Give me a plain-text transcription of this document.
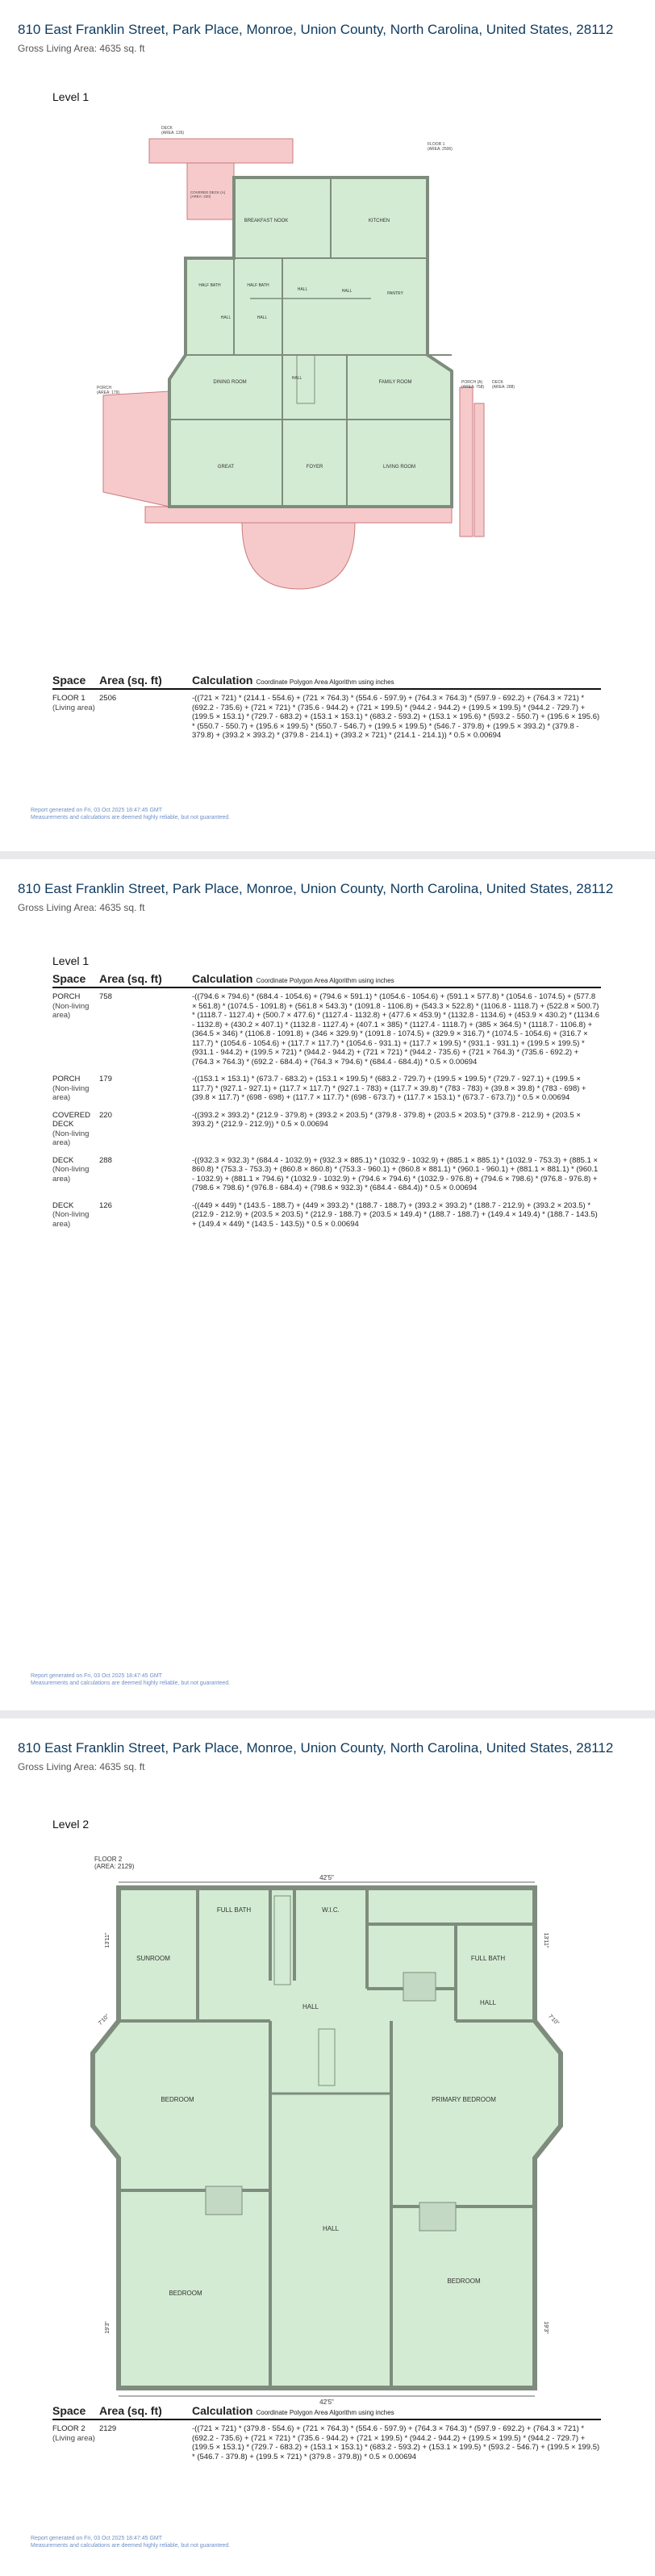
810 East Franklin Street, Park Place, Monroe, Union County, North Carolina, United States, 28112
Gross Living Area: 4635 sq. ft
Level 1
BREAKFAST NOOK	KITCHEN
HALF BATH	HALF BATH
HALL
HALL	HALL
HALL	PANTRY
DINING ROOM
HALL
FAMILY ROOM
GREAT	FOYER	LIVING ROOM
DECK (AREA: 126)
FLOOR 1 (AREA: 2506)
COVERED DECK (A) (AREA: 220)
PORCH (AREA: 179)
PORCH (A) (AREA: 758)
DECK (AREA: 288)
Space	Area (sq. ft)	Calculation Coordinate Polygon Area Algorithm using inches
FLOOR 1
(Living area)
2506	-((721 × 721) * (214.1 - 554.6) + (721 × 764.3) * (554.6 - 597.9) + (764.3 × 764.3) * (597.9 - 692.2) + (764.3 × 721) * (692.2 - 735.6) + (721 × 721) * (735.6 - 944.2) + (721 × 199.5) * (944.2 - 944.2) + (199.5 × 199.5) * (944.2 - 729.7) + (199.5 × 153.1) * (729.7 - 683.2) + (153.1 × 153.1) * (683.2 - 593.2) + (153.1 × 195.6) * (593.2 - 550.7) + (195.6 × 195.6) * (550.7 - 550.7) + (195.6 × 199.5) * (550.7 - 546.7) + (199.5 × 199.5) * (546.7 - 379.8) + (199.5 × 393.2) * (379.8 - 379.8) + (393.2 × 393.2) * (379.8 - 214.1) + (393.2 × 721) * (214.1 - 214.1)) * 0.5 × 0.00694
Report generated on Fri, 03 Oct 2025 18:47:45 GMT
Measurements and calculations are deemed highly reliable, but not guaranteed.
810 East Franklin Street, Park Place, Monroe, Union County, North Carolina, United States, 28112
Gross Living Area: 4635 sq. ft
Level 1
Space	Area (sq. ft)	Calculation Coordinate Polygon Area Algorithm using inches
PORCH
(Non-living area)
758	-((794.6 × 794.6) * (684.4 - 1054.6) + (794.6 × 591.1) * (1054.6 - 1054.6) + (591.1 × 577.8) * (1054.6 - 1074.5) + (577.8 × 561.8) * (1074.5 - 1091.8) + (561.8 × 543.3) * (1091.8 - 1106.8) + (543.3 × 522.8) * (1106.8 - 1118.7) + (522.8 × 500.7) * (1118.7 - 1127.4) + (500.7 × 477.6) * (1127.4 - 1132.8) + (477.6 × 453.9) * (1132.8 - 1134.6) + (453.9 × 430.2) * (1134.6 - 1132.8) + (430.2 × 407.1) * (1132.8 - 1127.4) + (407.1 × 385) * (1127.4 - 1118.7) + (385 × 364.5) * (1118.7 - 1106.8) + (364.5 × 346) * (1106.8 - 1091.8) + (346 × 329.9) * (1091.8 - 1074.5) + (329.9 × 316.7) * (1074.5 - 1054.6) + (316.7 × 117.7) * (1054.6 - 1054.6) + (117.7 × 117.7) * (1054.6 - 931.1) + (117.7 × 199.5) * (931.1 - 931.1) + (199.5 × 199.5) * (931.1 - 944.2) + (199.5 × 721) * (944.2 - 944.2) + (721 × 721) * (944.2 - 735.6) + (721 × 764.3) * (735.6 - 692.2) + (764.3 × 764.3) * (692.2 - 684.4) + (764.3 × 794.6) * (684.4 - 684.4)) * 0.5 × 0.00694
PORCH
(Non-living area)
179	-((153.1 × 153.1) * (673.7 - 683.2) + (153.1 × 199.5) * (683.2 - 729.7) + (199.5 × 199.5) * (729.7 - 927.1) + (199.5 × 117.7) * (927.1 - 927.1) + (117.7 × 117.7) * (927.1 - 783) + (117.7 × 39.8) * (783 - 783) + (39.8 × 39.8) * (783 - 698) + (39.8 × 117.7) * (698 - 698) + (117.7 × 117.7) * (698 - 673.7) + (117.7 × 153.1) * (673.7 - 673.7)) * 0.5 × 0.00694
COVERED DECK
(Non-living area)
220	-((393.2 × 393.2) * (212.9 - 379.8) + (393.2 × 203.5) * (379.8 - 379.8) + (203.5 × 203.5) * (379.8 - 212.9) + (203.5 × 393.2) * (212.9 - 212.9)) * 0.5 × 0.00694
DECK
(Non-living area)
288	-((932.3 × 932.3) * (684.4 - 1032.9) + (932.3 × 885.1) * (1032.9 - 1032.9) + (885.1 × 885.1) * (1032.9 - 753.3) + (885.1 × 860.8) * (753.3 - 753.3) + (860.8 × 860.8) * (753.3 - 960.1) + (860.8 × 881.1) * (960.1 - 960.1) + (881.1 × 881.1) * (960.1 - 1032.9) + (881.1 × 794.6) * (1032.9 - 1032.9) + (794.6 × 794.6) * (1032.9 - 976.8) + (794.6 × 798.6) * (976.8 - 976.8) + (798.6 × 798.6) * (976.8 - 684.4) + (798.6 × 932.3) * (684.4 - 684.4)) * 0.5 × 0.00694
DECK
(Non-living area)
126	-((449 × 449) * (143.5 - 188.7) + (449 × 393.2) * (188.7 - 188.7) + (393.2 × 393.2) * (188.7 - 212.9) + (393.2 × 203.5) * (212.9 - 212.9) + (203.5 × 203.5) * (212.9 - 188.7) + (203.5 × 149.4) * (188.7 - 188.7) + (149.4 × 149.4) * (188.7 - 143.5) + (149.4 × 449) * (143.5 - 143.5)) * 0.5 × 0.00694
Report generated on Fri, 03 Oct 2025 18:47:45 GMT
Measurements and calculations are deemed highly reliable, but not guaranteed.
810 East Franklin Street, Park Place, Monroe, Union County, North Carolina, United States, 28112
Gross Living Area: 4635 sq. ft
Level 2
FLOOR 2 (AREA: 2129)
42'5"
42'5"
13'11"
19'3"
13'11"
19'3"
7'10"	7'10"
SUNROOM
FULL BATH	W.I.C.
FULL BATH
HALL
HALL
BEDROOM	PRIMARY BEDROOM
HALL
BEDROOM
BEDROOM
Space	Area (sq. ft)	Calculation Coordinate Polygon Area Algorithm using inches
FLOOR 2
(Living area)
2129	-((721 × 721) * (379.8 - 554.6) + (721 × 764.3) * (554.6 - 597.9) + (764.3 × 764.3) * (597.9 - 692.2) + (764.3 × 721) * (692.2 - 735.6) + (721 × 721) * (735.6 - 944.2) + (721 × 199.5) * (944.2 - 944.2) + (199.5 × 199.5) * (944.2 - 729.7) + (199.5 × 153.1) * (729.7 - 683.2) + (153.1 × 153.1) * (683.2 - 593.2) + (153.1 × 199.5) * (593.2 - 546.7) + (199.5 × 199.5) * (546.7 - 379.8) + (199.5 × 721) * (379.8 - 379.8)) * 0.5 × 0.00694
Report generated on Fri, 03 Oct 2025 18:47:45 GMT
Measurements and calculations are deemed highly reliable, but not guaranteed.
